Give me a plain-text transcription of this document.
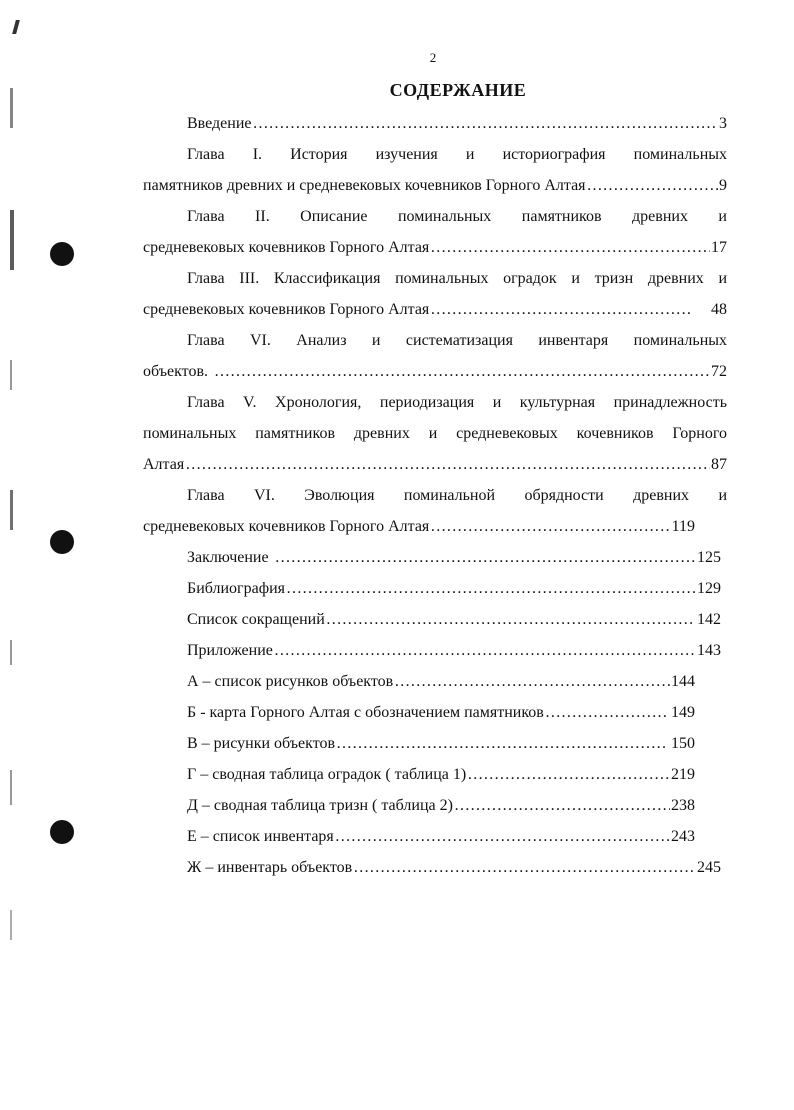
2
СОДЕРЖАНИЕ
Введение ………………………………………………………………………………………………………………………………………………………………	3
Глава I. История изучения и историография поминальных
памятников древних и средневековых кочевников Горного Алтая ………………………………………………………………………………………………………………………………………………………………	9
Глава II. Описание поминальных памятников древних и
средневековых кочевников Горного Алтая ………………………………………………………………………………………………………………………………………………………………	17
Глава III. Классификация поминальных оградок и тризн древних и
средневековых кочевников Горного Алтая ………………………………………………………………………………………………………………………………………………………………	48
Глава VI. Анализ и систематизация инвентаря поминальных
объектов. ………………………………………………………………………………………………………………………………………………………………	72
Глава V. Хронология, периодизация и культурная принадлежность
поминальных памятников древних и средневековых кочевников Горного
Алтая ………………………………………………………………………………………………………………………………………………………………	87
Глава VI. Эволюция поминальной обрядности древних и
средневековых кочевников Горного Алтая ………………………………………………………………………………………………………………………………………………………………	119
Заключение ………………………………………………………………………………………………………………………………………………………………	125
Библиография ………………………………………………………………………………………………………………………………………………………………	129
Список сокращений ………………………………………………………………………………………………………………………………………………………………	142
Приложение ………………………………………………………………………………………………………………………………………………………………	143
А – список рисунков объектов ………………………………………………………………………………………………………………………………………………………………	144
Б - карта Горного Алтая с обозначением памятников ………………………………………………………………………………………………………………………………………………………………	149
В – рисунки объектов ………………………………………………………………………………………………………………………………………………………………	150
Г – сводная таблица оградок ( таблица 1) ………………………………………………………………………………………………………………………………………………………………	219
Д – сводная таблица тризн ( таблица 2) ………………………………………………………………………………………………………………………………………………………………	238
Е – список инвентаря ………………………………………………………………………………………………………………………………………………………………	243
Ж – инвентарь объектов ………………………………………………………………………………………………………………………………………………………………	245
